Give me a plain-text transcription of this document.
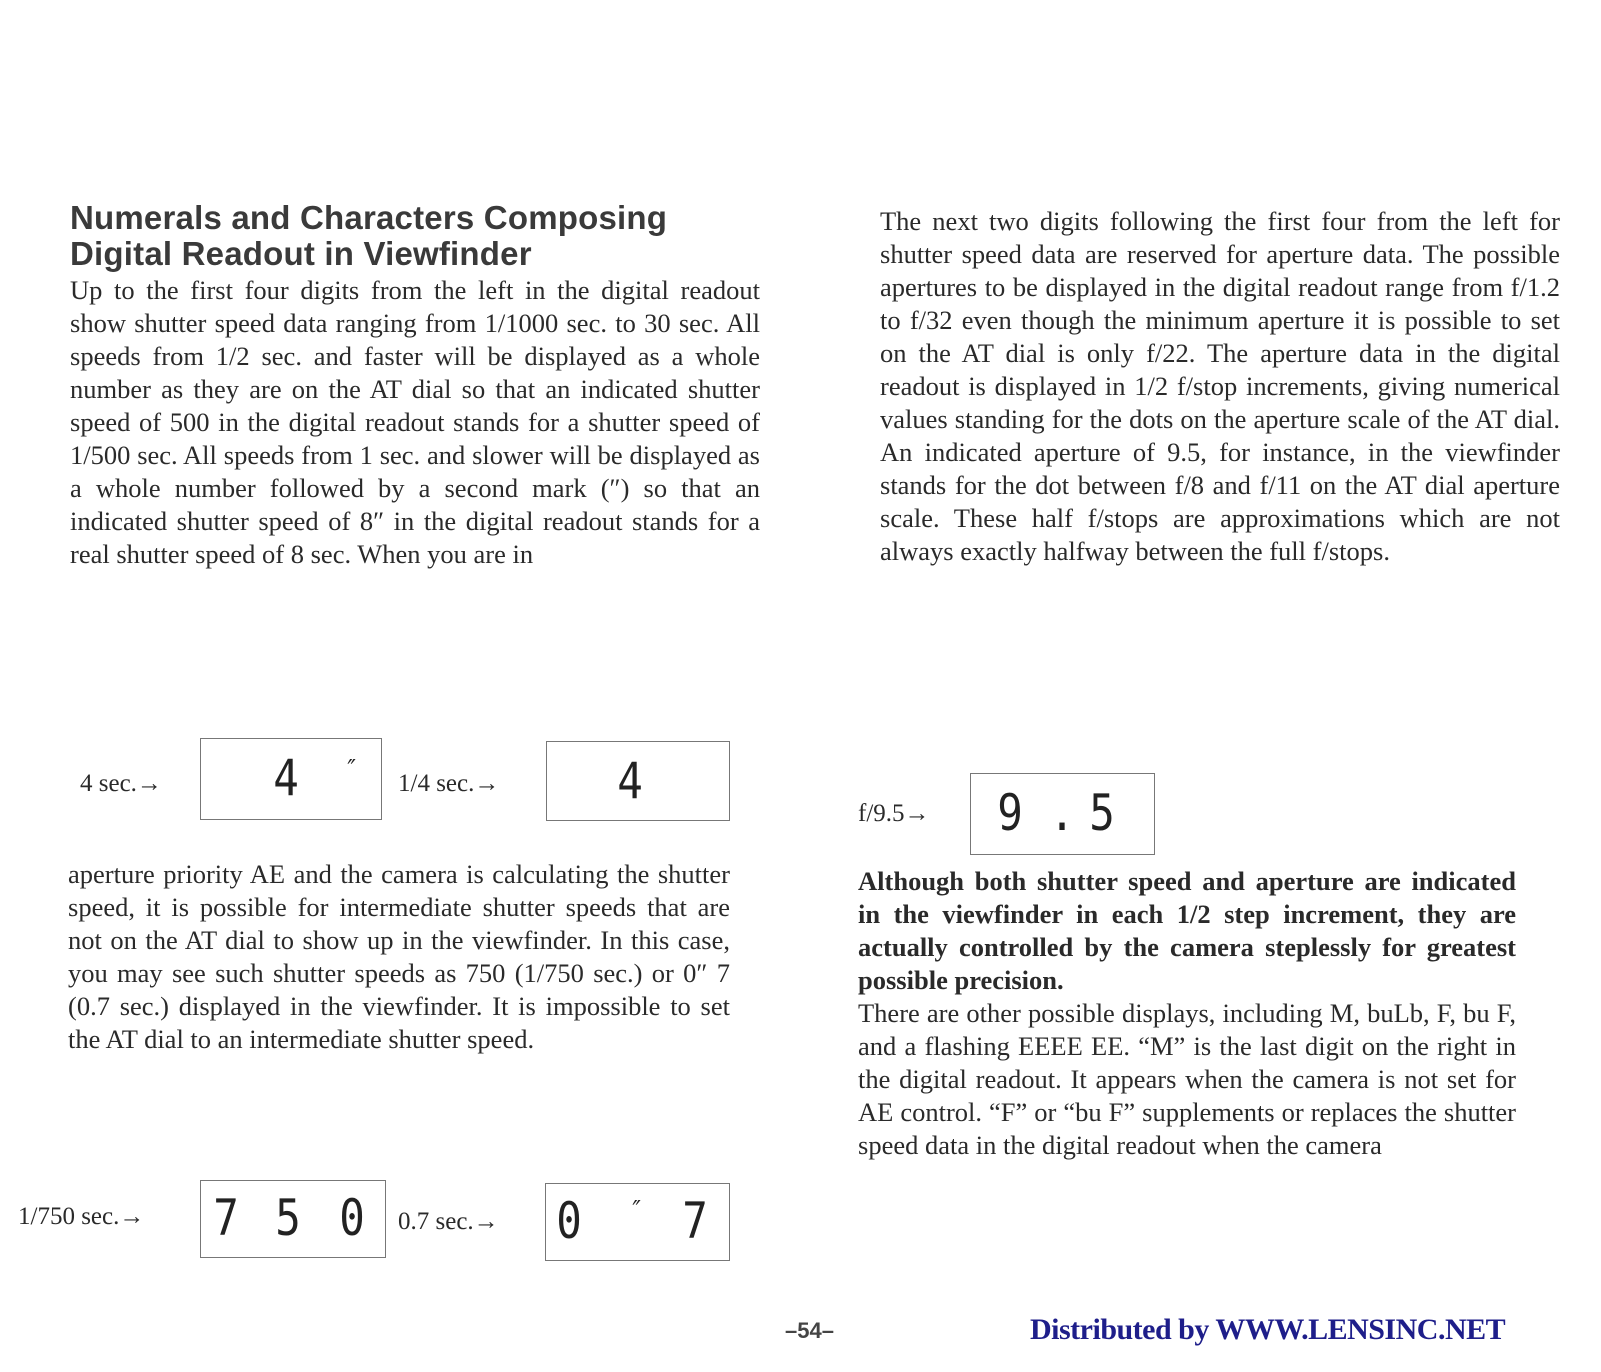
Numerals and Characters Composing
Digital Readout in Viewfinder

Up to the first four digits from the left in the digital readout show shutter speed data ranging from 1/1000 sec. to 30 sec. All speeds from 1/2 sec. and faster will be displayed as a whole number as they are on the AT dial so that an indicated shutter speed of 500 in the digital readout stands for a shutter speed of 1/500 sec. All speeds from 1 sec. and slower will be displayed as a whole number followed by a second mark (″) so that an indicated shutter speed of 8″ in the digital readout stands for a real shutter speed of 8 sec. When you are in

4 sec.→ 4 ″ 1/4 sec.→ 4

aperture priority AE and the camera is calculating the shutter speed, it is possible for intermediate shutter speeds that are not on the AT dial to show up in the viewfinder. In this case, you may see such shutter speeds as 750 (1/750 sec.) or 0″ 7 (0.7 sec.) displayed in the viewfinder. It is impossible to set the AT dial to an intermediate shutter speed.

1/750 sec.→ 7 5 0 0.7 sec.→ 0 ″ 7

The next two digits following the first four from the left for shutter speed data are reserved for aperture data. The possible apertures to be displayed in the digital readout range from f/1.2 to f/32 even though the minimum aperture it is possible to set on the AT dial is only f/22. The aperture data in the digital readout is displayed in 1/2 f/stop increments, giving numerical values standing for the dots on the aperture scale of the AT dial. An indicated aperture of 9.5, for instance, in the viewfinder stands for the dot between f/8 and f/11 on the AT dial aperture scale. These half f/stops are approximations which are not always exactly halfway between the full f/stops.

f/9.5→ 9 . 5

Although both shutter speed and aperture are indicated in the viewfinder in each 1/2 step increment, they are actually controlled by the camera steplessly for greatest possible precision.

There are other possible displays, including M, buLb, F, bu F, and a flashing EEEE EE. “M” is the last digit on the right in the digital readout. It appears when the camera is not set for AE control. “F” or “bu F” supplements or replaces the shutter speed data in the digital readout when the camera

–54–	Distributed by WWW.LENSINC.NET
